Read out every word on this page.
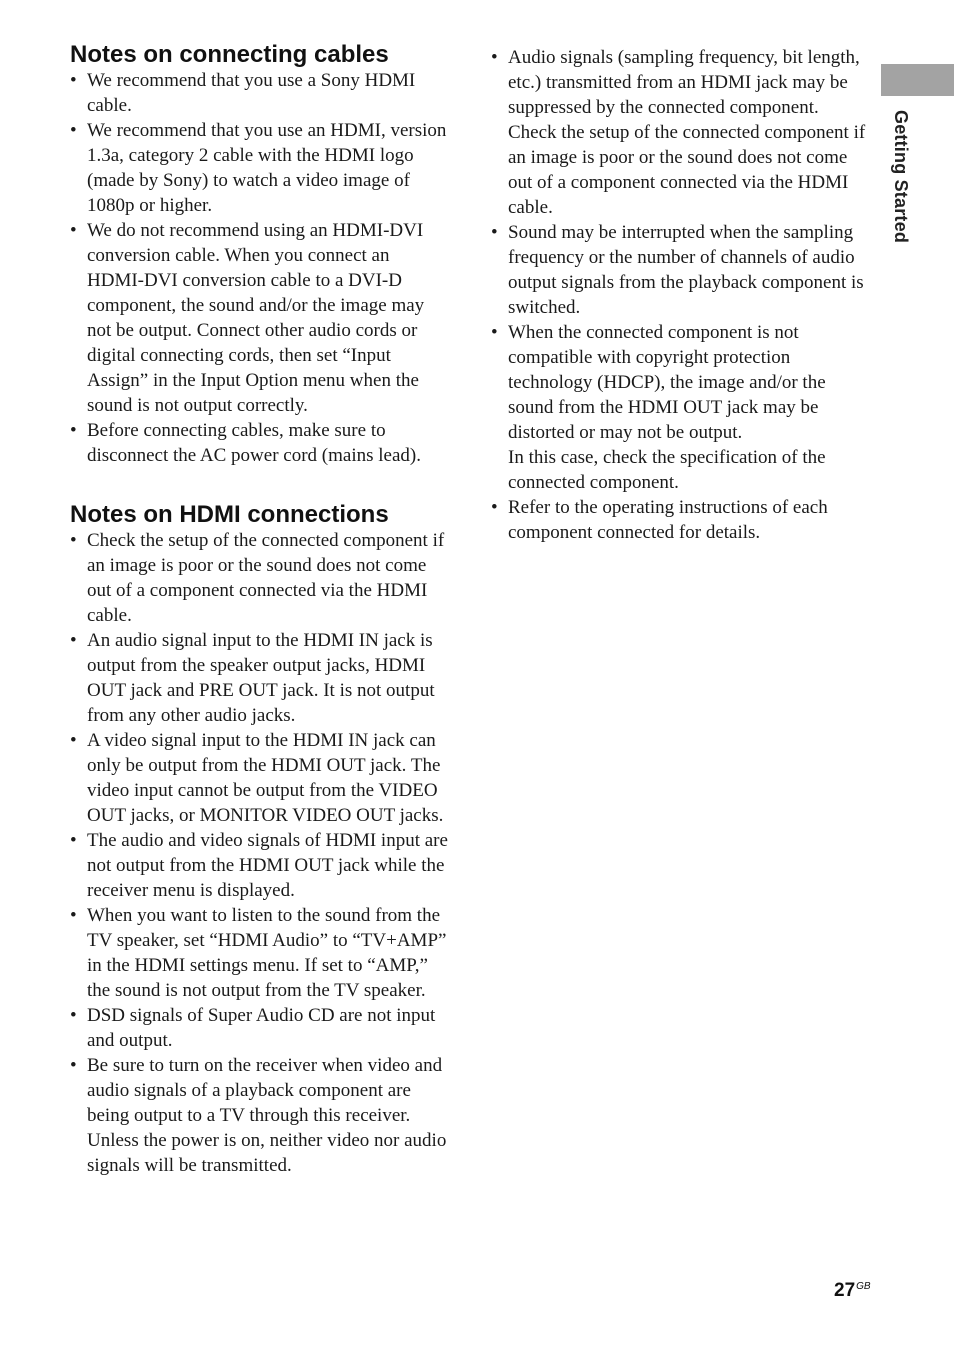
Getting Started
Notes on connecting cables
• We recommend that you use a Sony HDMI cable.
• We recommend that you use an HDMI, version 1.3a, category 2 cable with the HDMI logo (made by Sony) to watch a video image of 1080p or higher.
• We do not recommend using an HDMI-DVI conversion cable. When you connect an HDMI-DVI conversion cable to a DVI-D component, the sound and/or the image may not be output. Connect other audio cords or digital connecting cords, then set “Input Assign” in the Input Option menu when the sound is not output correctly.
• Before connecting cables, make sure to disconnect the AC power cord (mains lead).
Notes on HDMI connections
• Check the setup of the connected component if an image is poor or the sound does not come out of a component connected via the HDMI cable.
• An audio signal input to the HDMI IN jack is output from the speaker output jacks, HDMI OUT jack and PRE OUT jack. It is not output from any other audio jacks.
• A video signal input to the HDMI IN jack can only be output from the HDMI OUT jack. The video input cannot be output from the VIDEO OUT jacks, or MONITOR VIDEO OUT jacks.
• The audio and video signals of HDMI input are not output from the HDMI OUT jack while the receiver menu is displayed.
• When you want to listen to the sound from the TV speaker, set “HDMI Audio” to “TV+AMP” in the HDMI settings menu. If set to “AMP,” the sound is not output from the TV speaker.
• DSD signals of Super Audio CD are not input and output.
• Be sure to turn on the receiver when video and audio signals of a playback component are being output to a TV through this receiver. Unless the power is on, neither video nor audio signals will be transmitted.
• Audio signals (sampling frequency, bit length, etc.) transmitted from an HDMI jack may be suppressed by the connected component. Check the setup of the connected component if an image is poor or the sound does not come out of a component connected via the HDMI cable.
• Sound may be interrupted when the sampling frequency or the number of channels of audio output signals from the playback component is switched.
• When the connected component is not compatible with copyright protection technology (HDCP), the image and/or the sound from the HDMI OUT jack may be distorted or may not be output.
In this case, check the specification of the connected component.
• Refer to the operating instructions of each component connected for details.
$27^{GB}$
